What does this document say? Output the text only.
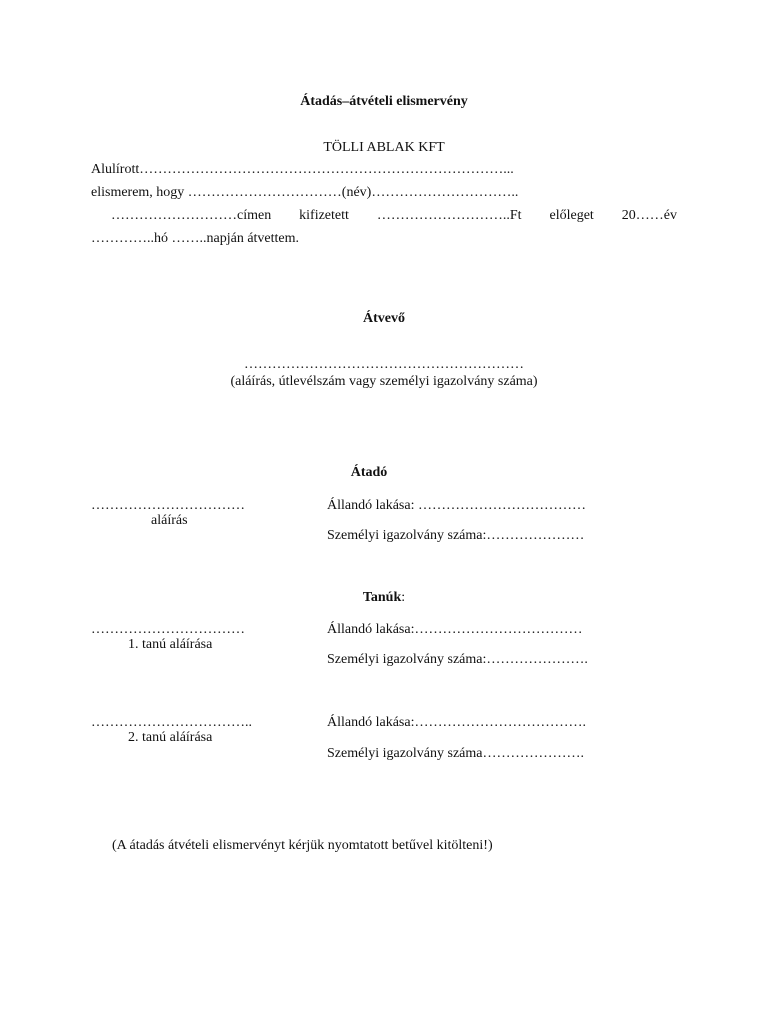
Átadás–átvételi elismervény
TÖLLI ABLAK KFT
Alulírott……………………………………………………………………...
elismerem, hogy ……………………………(név)…………………………..
………………………címen kifizetett ………………………..Ft előleget 20……év
…………..hó ……..napján átvettem.
Átvevő
……………………………………………………
(aláírás, útlevélszám vagy személyi igazolvány száma)
Átadó
……………………………
aláírás
Állandó lakása: ………………………………
Személyi igazolvány száma:…………………
Tanúk:
……………………………
1. tanú aláírása
Állandó lakása:………………………………
Személyi igazolvány száma:………………….
……………………………..
2. tanú aláírása
Állandó lakása:……………………………….
Személyi igazolvány száma………………….
(A átadás átvételi elismervényt kérjük nyomtatott betűvel kitölteni!)
